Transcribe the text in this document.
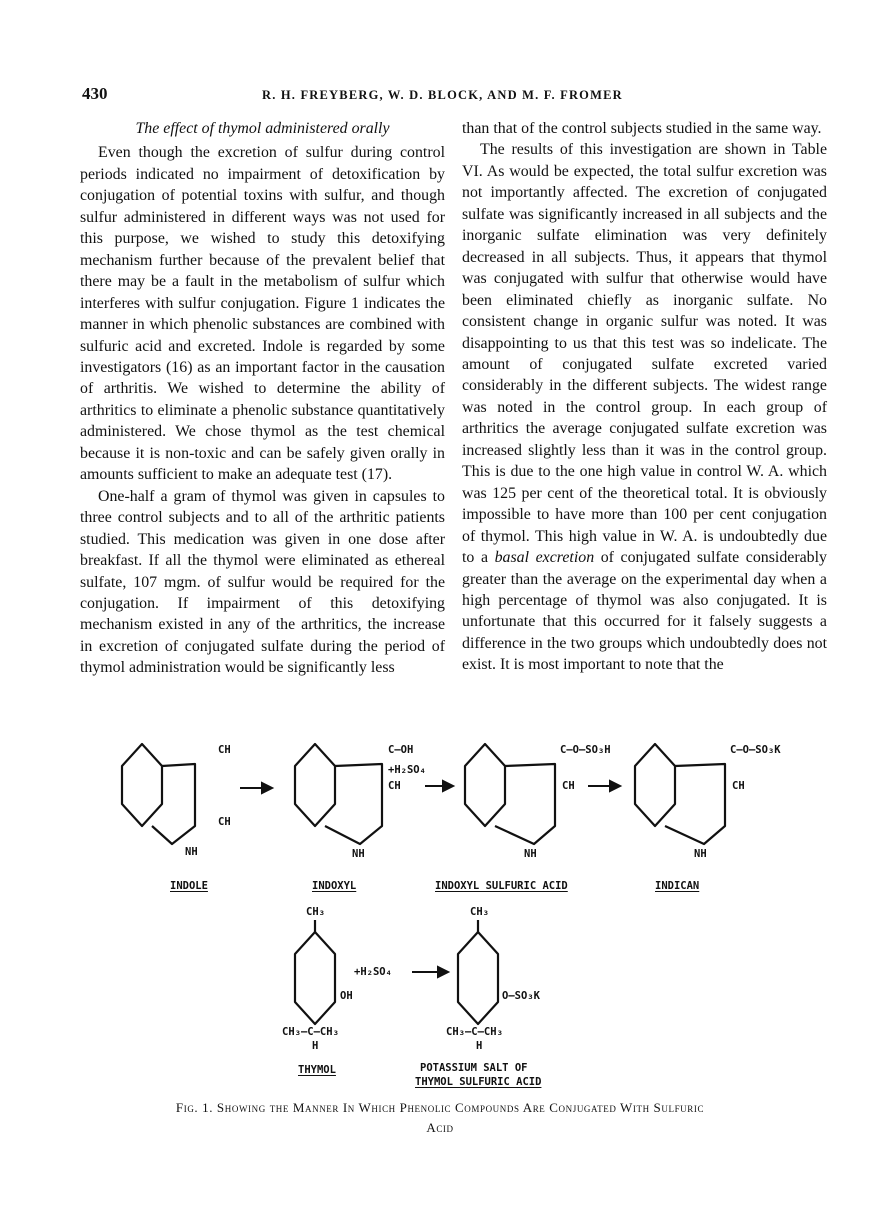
430	R. H. FREYBERG, W. D. BLOCK, AND M. F. FROMER
The effect of thymol administered orally

Even though the excretion of sulfur during control periods indicated no impairment of detoxification by conjugation of potential toxins with sulfur, and though sulfur administered in different ways was not used for this purpose, we wished to study this detoxifying mechanism further because of the prevalent belief that there may be a fault in the metabolism of sulfur which interferes with sulfur conjugation. Figure 1 indicates the manner in which phenolic substances are combined with sulfuric acid and excreted. Indole is regarded by some investigators (16) as an important factor in the causation of arthritis. We wished to determine the ability of arthritics to eliminate a phenolic substance quantitatively administered. We chose thymol as the test chemical because it is non-toxic and can be safely given orally in amounts sufficient to make an adequate test (17).

One-half a gram of thymol was given in capsules to three control subjects and to all of the arthritic patients studied. This medication was given in one dose after breakfast. If all the thymol were eliminated as ethereal sulfate, 107 mgm. of sulfur would be required for the conjugation. If impairment of this detoxifying mechanism existed in any of the arthritics, the increase in excretion of conjugated sulfate during the period of thymol administration would be significantly less

than that of the control subjects studied in the same way.

The results of this investigation are shown in Table VI. As would be expected, the total sulfur excretion was not importantly affected. The excretion of conjugated sulfate was significantly increased in all subjects and the inorganic sulfate elimination was very definitely decreased in all subjects. Thus, it appears that thymol was conjugated with sulfur that otherwise would have been eliminated chiefly as inorganic sulfate. No consistent change in organic sulfur was noted. It was disappointing to us that this test was so indelicate. The amount of conjugated sulfate excreted varied considerably in the different subjects. The widest range was noted in the control group. In each group of arthritics the average conjugated sulfate excretion was increased slightly less than it was in the control group. This is due to the one high value in control W. A. which was 125 per cent of the theoretical total. It is obviously impossible to have more than 100 per cent conjugation of thymol. This high value in W. A. is undoubtedly due to a basal excretion of conjugated sulfate considerably greater than the average on the experimental day when a high percentage of thymol was also conjugated. It is unfortunate that this occurred for it falsely suggests a difference in the two groups which undoubtedly does not exist. It is most important to note that the

CH
CH
NH
INDOLE
C—OH
+H₂SO₄
CH
NH
INDOXYL
C—O—SO₃H
CH
NH
INDOXYL SULFURIC ACID
C—O—SO₃K
CH
NH
INDICAN
CH₃
OH
CH₃—C—CH₃
H
THYMOL
+H₂SO₄
CH₃
O—SO₃K
CH₃—C—CH₃
H
POTASSIUM SALT OF
THYMOL SULFURIC ACID
Fig. 1. Showing the Manner In Which Phenolic Compounds Are Conjugated With Sulfuric
Acid
